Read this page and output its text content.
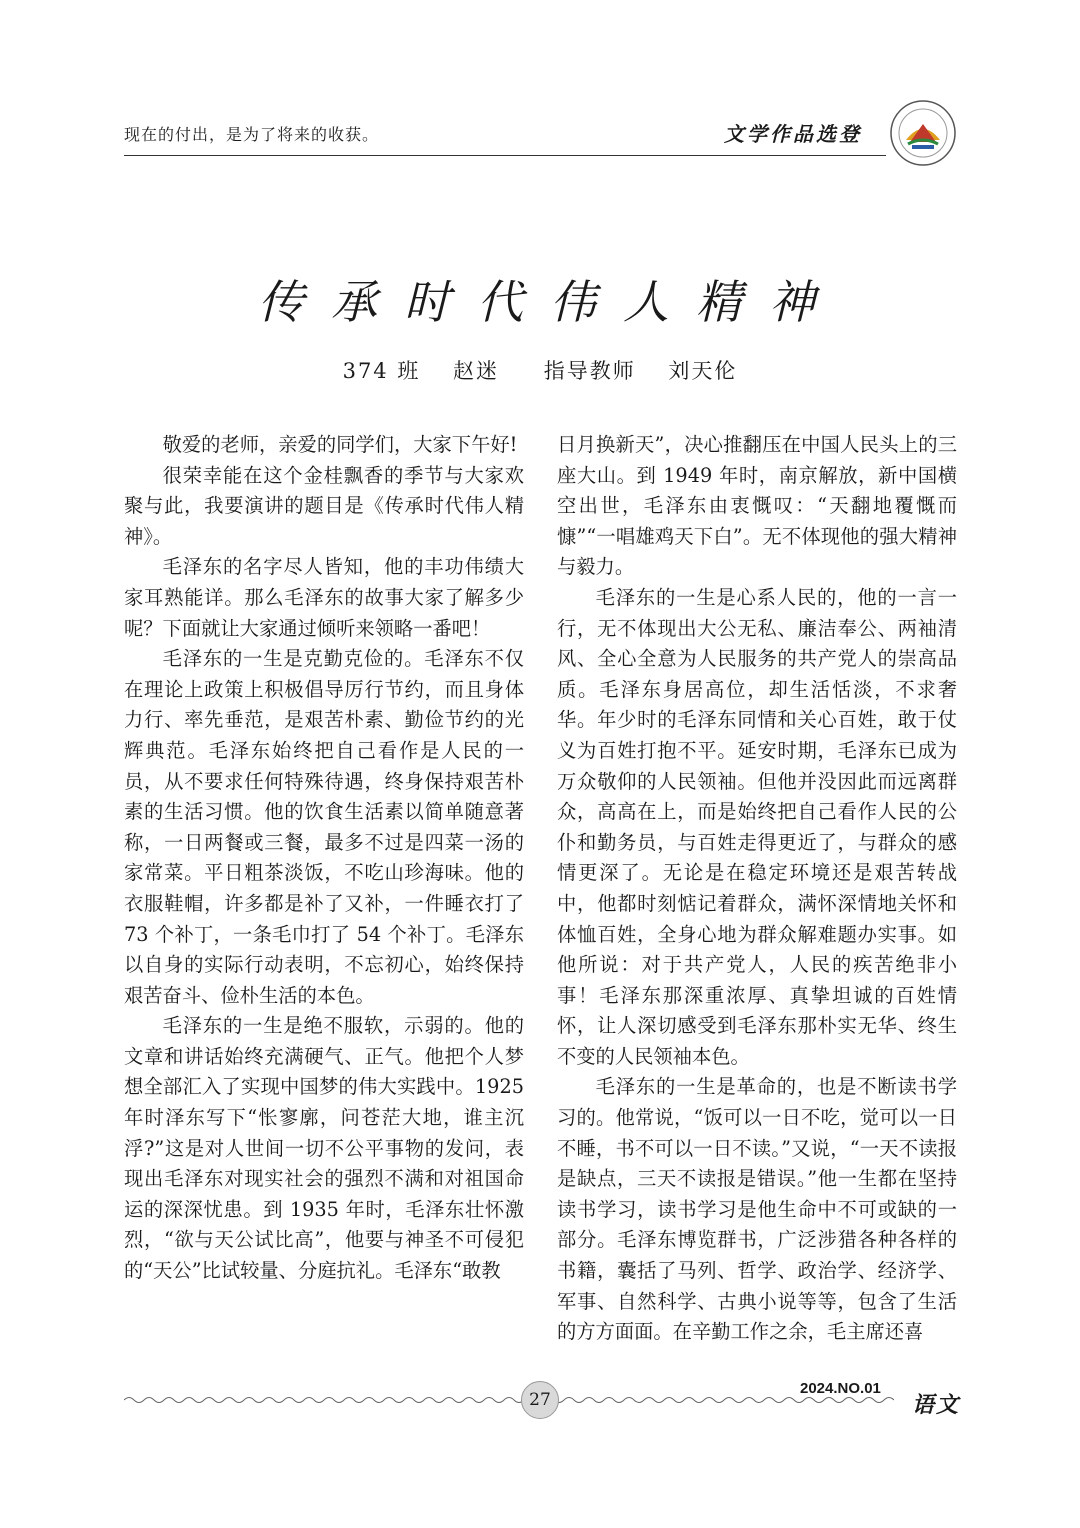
现在的付出，是为了将来的收获。	文学作品选登
传承时代伟人精神
374 班 赵迷 指导教师 刘天伦

敬爱的老师，亲爱的同学们，大家下午好!

很荣幸能在这个金桂飘香的季节与大家欢聚与此，我要演讲的题目是《传承时代伟人精神》。

毛泽东的名字尽人皆知，他的丰功伟绩大家耳熟能详。那么毛泽东的故事大家了解多少呢？下面就让大家通过倾听来领略一番吧！

毛泽东的一生是克勤克俭的。毛泽东不仅在理论上政策上积极倡导厉行节约，而且身体力行、率先垂范，是艰苦朴素、勤俭节约的光辉典范。毛泽东始终把自己看作是人民的一员，从不要求任何特殊待遇，终身保持艰苦朴素的生活习惯。他的饮食生活素以简单随意著称，一日两餐或三餐，最多不过是四菜一汤的家常菜。平日粗茶淡饭，不吃山珍海味。他的衣服鞋帽，许多都是补了又补，一件睡衣打了 73 个补丁，一条毛巾打了 54 个补丁。毛泽东以自身的实际行动表明，不忘初心，始终保持艰苦奋斗、俭朴生活的本色。

毛泽东的一生是绝不服软，示弱的。他的文章和讲话始终充满硬气、正气。他把个人梦想全部汇入了实现中国梦的伟大实践中。1925 年时泽东写下“怅寥廓，问苍茫大地，谁主沉浮?”这是对人世间一切不公平事物的发问，表现出毛泽东对现实社会的强烈不满和对祖国命运的深深忧患。到 1935 年时，毛泽东壮怀激烈，“欲与天公试比高”，他要与神圣不可侵犯的“天公”比试较量、分庭抗礼。毛泽东“敢教

日月换新天”，决心推翻压在中国人民头上的三座大山。到 1949 年时，南京解放，新中国横空出世，毛泽东由衷慨叹：“天翻地覆慨而慷”“一唱雄鸡天下白”。无不体现他的强大精神与毅力。

毛泽东的一生是心系人民的，他的一言一行，无不体现出大公无私、廉洁奉公、两袖清风、全心全意为人民服务的共产党人的崇高品质。毛泽东身居高位，却生活恬淡，不求奢华。年少时的毛泽东同情和关心百姓，敢于仗义为百姓打抱不平。延安时期，毛泽东已成为万众敬仰的人民领袖。但他并没因此而远离群众，高高在上，而是始终把自己看作人民的公仆和勤务员，与百姓走得更近了，与群众的感情更深了。无论是在稳定环境还是艰苦转战中，他都时刻惦记着群众，满怀深情地关怀和体恤百姓，全身心地为群众解难题办实事。如他所说：对于共产党人，人民的疾苦绝非小事！毛泽东那深重浓厚、真挚坦诚的百姓情怀，让人深切感受到毛泽东那朴实无华、终生不变的人民领袖本色。

毛泽东的一生是革命的，也是不断读书学习的。他常说，“饭可以一日不吃，觉可以一日不睡，书不可以一日不读。”又说，“一天不读报是缺点，三天不读报是错误。”他一生都在坚持读书学习，读书学习是他生命中不可或缺的一部分。毛泽东博览群书，广泛涉猎各种各样的书籍，囊括了马列、哲学、政治学、经济学、军事、自然科学、古典小说等等，包含了生活的方方面面。在辛勤工作之余，毛主席还喜

27
2024.NO.01
语文
